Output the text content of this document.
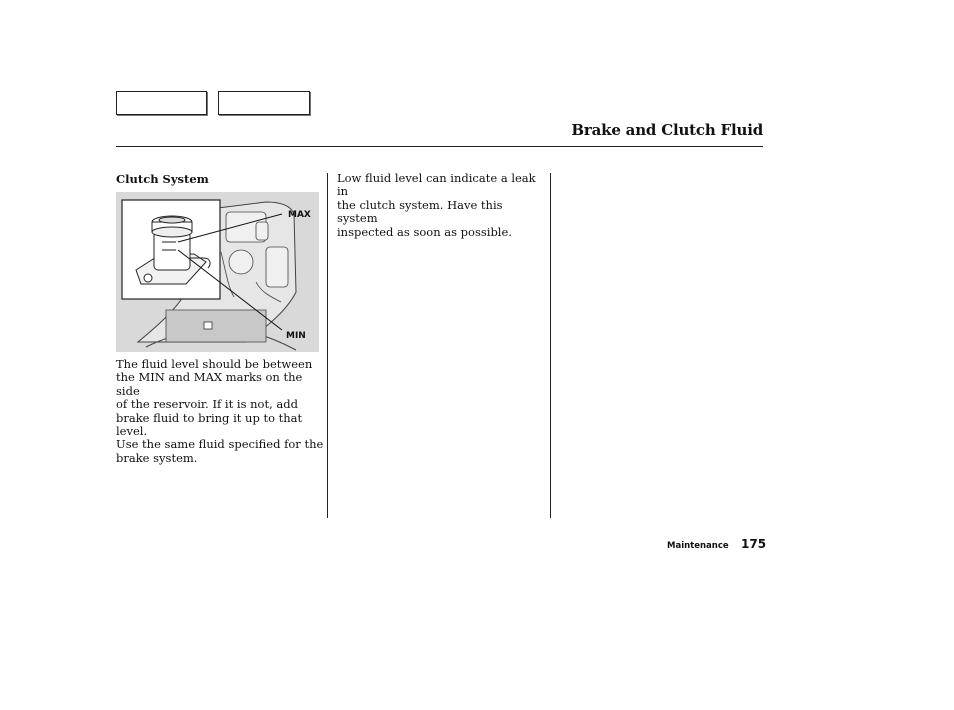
Brake and Clutch Fluid
Clutch System
MAX
MIN
The fluid level should be between
the MIN and MAX marks on the side
of the reservoir. If it is not, add
brake fluid to bring it up to that level.
Use the same fluid specified for the
brake system.
Low fluid level can indicate a leak in
the clutch system. Have this system
inspected as soon as possible.
Maintenance 175
